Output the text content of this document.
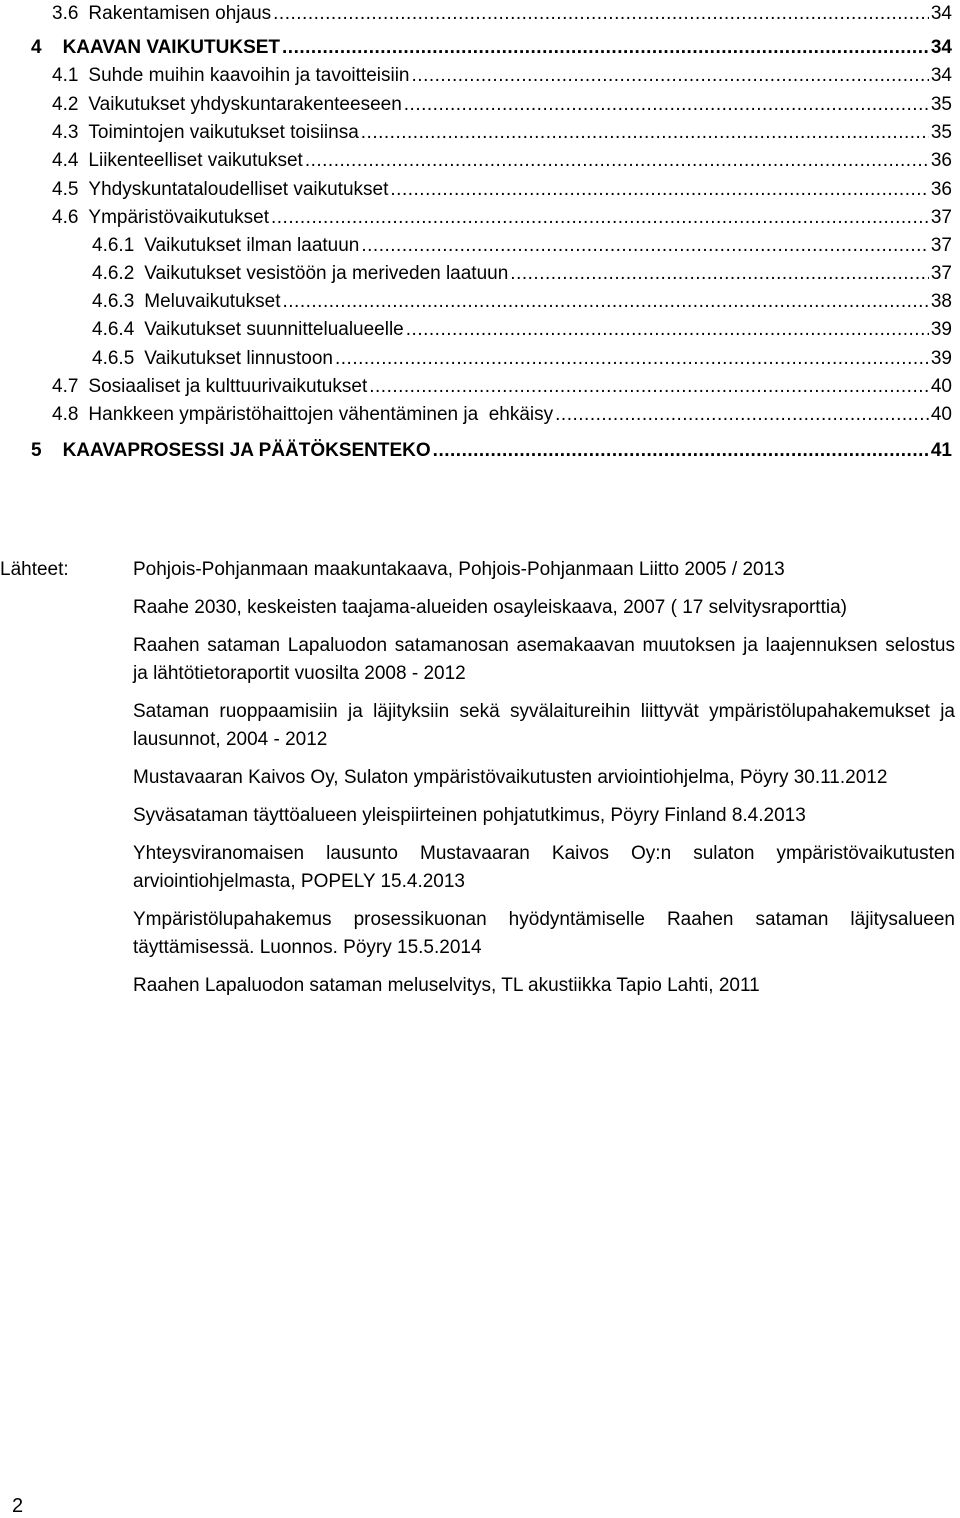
3.6 Rakentamisen ohjaus .....	34
4	KAAVAN VAIKUTUKSET .....	34
4.1 Suhde muihin kaavoihin ja tavoitteisiin .....	34
4.2 Vaikutukset yhdyskuntarakenteeseen .....	35
4.3 Toimintojen vaikutukset toisiinsa .....	35
4.4 Liikenteelliset vaikutukset .....	36
4.5 Yhdyskuntataloudelliset vaikutukset .....	36
4.6 Ympäristövaikutukset .....	37
4.6.1 Vaikutukset ilman laatuun .....	37
4.6.2 Vaikutukset vesistöön ja meriveden laatuun .....	37
4.6.3 Meluvaikutukset .....	38
4.6.4 Vaikutukset suunnittelualueelle .....	39
4.6.5 Vaikutukset linnustoon .....	39
4.7 Sosiaaliset ja kulttuurivaikutukset .....	40
4.8 Hankkeen ympäristöhaittojen vähentäminen ja  ehkäisy .....	40
5	KAAVAPROSESSI JA PÄÄTÖKSENTEKO .....	41
Lähteet:	Pohjois-Pohjanmaan maakuntakaava, Pohjois-Pohjanmaan Liitto 2005 / 2013

Raahe 2030, keskeisten taajama-alueiden osayleiskaava, 2007 ( 17 selvitysraporttia)

Raahen sataman Lapaluodon satamanosan asemakaavan muutoksen ja laajennuksen selostus ja lähtötietoraportit vuosilta 2008 - 2012

Sataman ruoppaamisiin ja läjityksiin sekä syvälaitureihin liittyvät ympäristölupahakemukset ja lausunnot, 2004 - 2012

Mustavaaran Kaivos Oy, Sulaton ympäristövaikutusten arviointiohjelma, Pöyry 30.11.2012

Syväsataman täyttöalueen yleispiirteinen pohjatutkimus, Pöyry Finland 8.4.2013

Yhteysviranomaisen lausunto Mustavaaran Kaivos Oy:n sulaton ympäristövaikutusten arviointiohjelmasta, POPELY 15.4.2013

Ympäristölupahakemus prosessikuonan hyödyntämiselle Raahen sataman läjitysalueen täyttämisessä. Luonnos. Pöyry 15.5.2014

Raahen Lapaluodon sataman meluselvitys, TL akustiikka Tapio Lahti, 2011

2
